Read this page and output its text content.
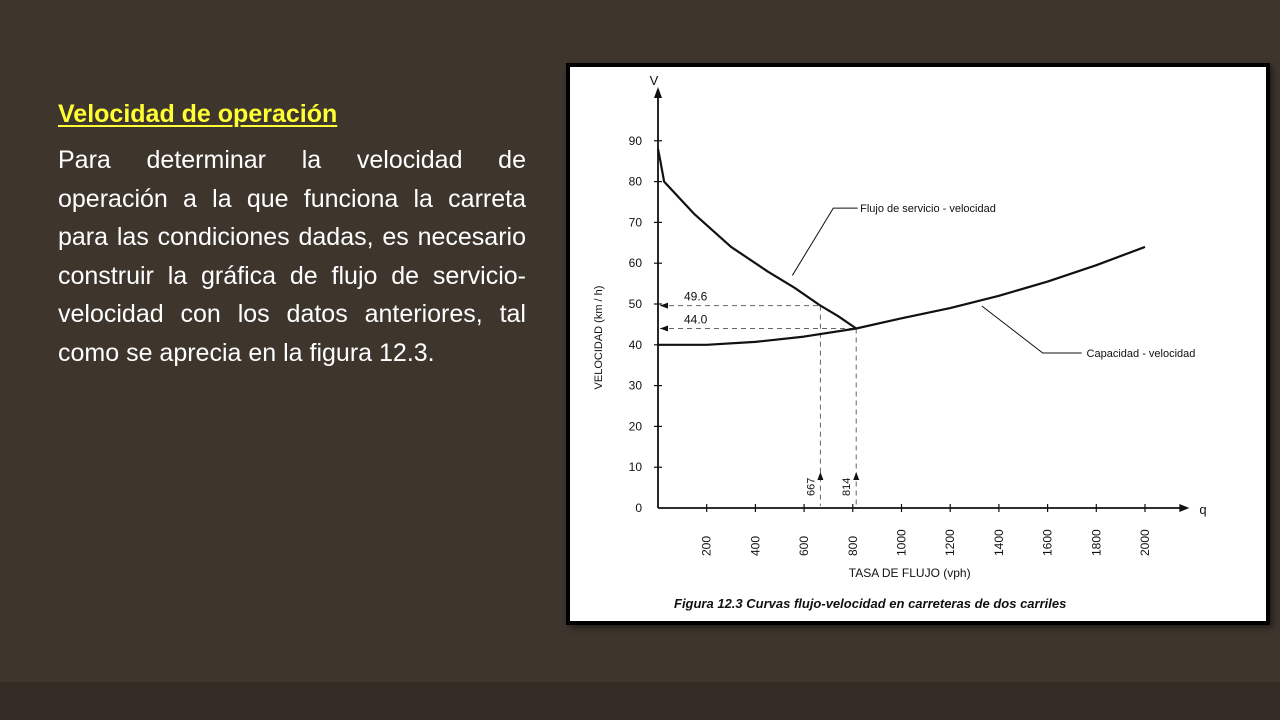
Velocidad de operación

Para determinar la velocidad de operación a la que funciona la carreta para las condiciones dadas, es necesario construir la gráfica de flujo de servicio-velocidad con los datos anteriores, tal como se aprecia en la figura 12.3.

q
V
0
10
20
30
40
50
60
70
80
90
200	400	600	800	1000	1200	1400	1600	1800	2000
TASA DE FLUJO (vph)
VELOCIDAD (km / h)	49.6
44.0
667 814
Flujo de servicio - velocidad
Capacidad - velocidad
Figura 12.3 Curvas flujo-velocidad en carreteras de dos carriles
